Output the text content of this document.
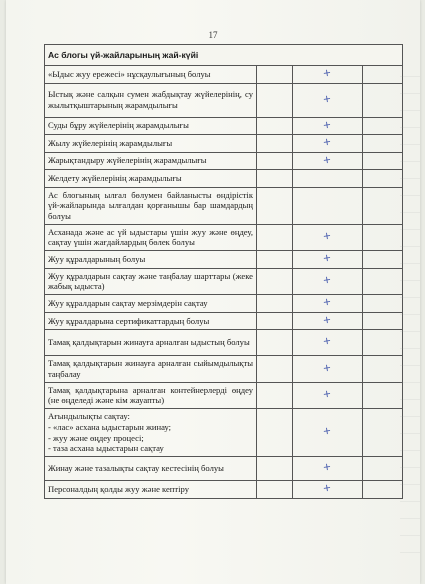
17
Ас блогы үй-жайларының жай-күйі			
«Ыдыс жуу ережесі» нұсқаулығының болуы		+	
Ыстық және салқын сумен жабдықтау жүйелерінің, су жылытқыштарының жарамдылығы		+	
Суды бұру жүйелерінің жарамдылығы		+	
Жылу жүйелерінің жарамдылығы		+	
Жарықтандыру жүйелерінің жарамдылығы		+	
Желдету жүйелерінің жарамдылығы			
Ас блогының ылғал бөлумен байланысты өндірістік үй-жайларында ылғалдан қорғанышы бар шамдардың болуы			
Асханада және ас үй ыдыстары үшін жуу және өңдеу, сақтау үшін жағдайлардың бөлек болуы		+	
Жуу құралдарының болуы		+	
Жуу құралдарын сақтау және таңбалау шарттары (жеке жабық ыдыста)		+	
Жуу құралдарын сақтау мерзімдерін сақтау		+	
Жуу құралдарына сертификаттардың болуы		+	
Тамақ қалдықтарын жинауға арналған ыдыстың болуы		+	
Тамақ қалдықтарын жинауға арналған сыйымдылықты таңбалау		+	
Тамақ қалдықтарына арналған контейнерлерді өңдеу (не өңделеді және кім жауапты)		+	
Ағындылықты сақтау:
- «лас» асхана ыдыстарын жинау;
- жуу және өңдеу процесі;
- таза асхана ыдыстарын сақтау		+	
Жинау және тазалықты сақтау кестесінің болуы		+	
Персоналдың қолды жуу және кептіру		+	
